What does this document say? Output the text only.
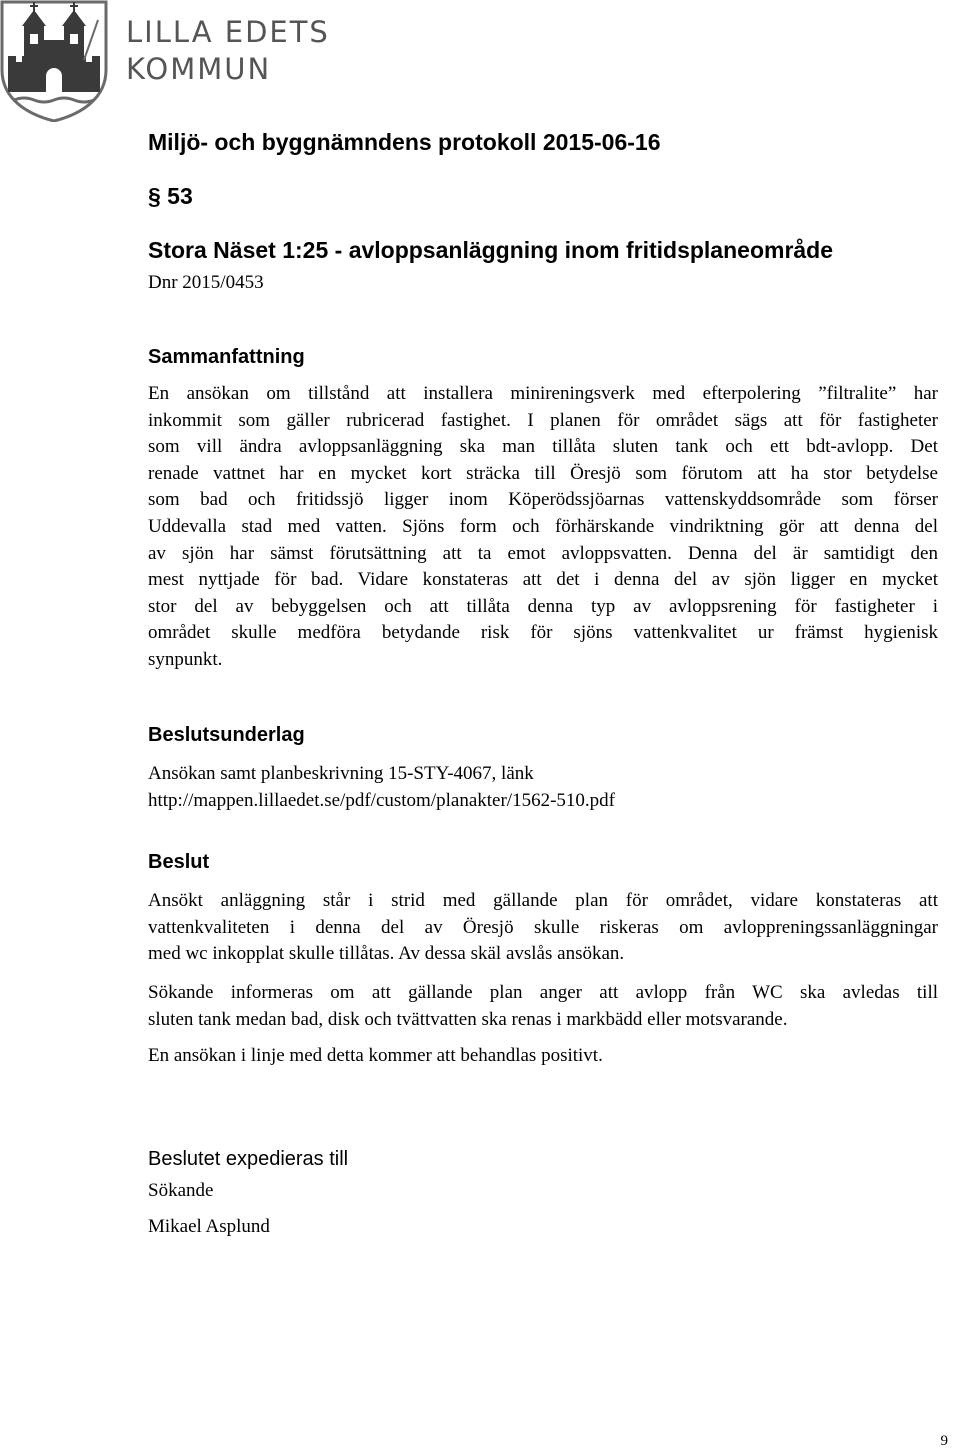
LILLA EDETS
KOMMUN
Miljö- och byggnämndens protokoll 2015-06-16
§ 53
Stora Näset 1:25 - avloppsanläggning inom fritidsplaneområde

Dnr 2015/0453

Sammanfattning
En ansökan om tillstånd att installera minireningsverk med efterpolering ”filtralite” har
inkommit som gäller rubricerad fastighet. I planen för området sägs att för fastigheter
som vill ändra avloppsanläggning ska man tillåta sluten tank och ett bdt-avlopp. Det
renade vattnet har en mycket kort sträcka till Öresjö som förutom att ha stor betydelse
som bad och fritidssjö ligger inom Köperödssjöarnas vattenskyddsområde som förser
Uddevalla stad med vatten. Sjöns form och förhärskande vindriktning gör att denna del
av sjön har sämst förutsättning att ta emot avloppsvatten. Denna del är samtidigt den
mest nyttjade för bad. Vidare konstateras att det i denna del av sjön ligger en mycket
stor del av bebyggelsen och att tillåta denna typ av avloppsrening för fastigheter i
området skulle medföra betydande risk för sjöns vattenkvalitet ur främst hygienisk
synpunkt.
Beslutsunderlag
Ansökan samt planbeskrivning 15-STY-4067, länk
http://mappen.lillaedet.se/pdf/custom/planakter/1562-510.pdf
Beslut
Ansökt anläggning står i strid med gällande plan för området, vidare konstateras att
vattenkvaliteten i denna del av Öresjö skulle riskeras om avloppreningssanläggningar
med wc inkopplat skulle tillåtas. Av dessa skäl avslås ansökan.
Sökande informeras om att gällande plan anger att avlopp från WC ska avledas till
sluten tank medan bad, disk och tvättvatten ska renas i markbädd eller motsvarande.
En ansökan i linje med detta kommer att behandlas positivt.
Beslutet expedieras till

Sökande

Mikael Asplund

9
